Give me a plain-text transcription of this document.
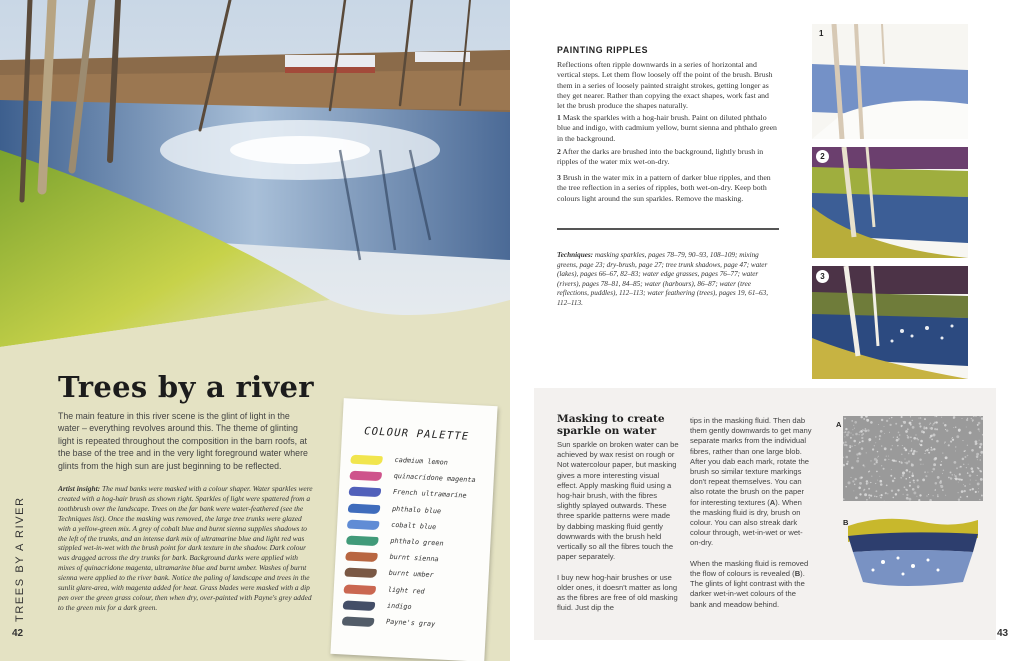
Trees by a river
The main feature in this river scene is the glint of light in the water – everything revolves around this. The theme of glinting light is repeated throughout the composition in the barn roofs, at the base of the tree and in the very light foreground water where glints from the high sun are just beginning to be reflected.
Artist insight: The mud banks were masked with a colour shaper. Water sparkles were created with a hog-hair brush as shown right. Sparkles of light were spattered from a toothbrush over the landscape. Trees on the far bank were water-feathered (see the Techniques list). Once the masking was removed, the large tree trunks were glazed with a yellow-green mix. A grey of cobalt blue and burnt sienna supplies shadows to the left of the trunks, and an intense dark mix of ultramarine blue and light red was stippled wet-in-wet with the brush point for dark texture in the shadow. Dark colour was dragged across the dry trunks for bark. Background darks were applied with mixes of quinacridone magenta, ultramarine blue and burnt umber. Washes of burnt sienna were applied to the river bank. Notice the paling of landscape and trees in the sunlit glare-area, with magenta added for heat. Grass blades were masked with a dip pen over the green grass colour, then when dry, over-painted with Payne's grey added to the green mix for a dark green.
TREES BY A RIVER
42
COLOUR PALETTE
cadmium lemon
quinacridone magenta
French ultramarine
phthalo blue
cobalt blue
phthalo green
burnt sienna
burnt umber
light red
indigo
Payne's gray
PAINTING RIPPLES
Reflections often ripple downwards in a series of horizontal and vertical steps. Let them flow loosely off the point of the brush. Brush them in a series of loosely painted straight strokes, getting longer as they get nearer. Rather than copying the exact shapes, work fast and let the brush produce the shapes naturally.
1 Mask the sparkles with a hog-hair brush. Paint on diluted phthalo blue and indigo, with cadmium yellow, burnt sienna and phthalo green in the background.
2 After the darks are brushed into the background, lightly brush in ripples of the water mix wet-on-dry.
3 Brush in the water mix in a pattern of darker blue ripples, and then the tree reflection in a series of ripples, both wet-on-dry. Keep both colours light around the sun sparkles. Remove the masking.
Techniques: masking sparkles, pages 78–79, 90–93, 108–109; mixing greens, page 23; dry-brush, page 27; tree trunk shadows, page 47; water (lakes), pages 66–67, 82–83; water edge grasses, pages 76–77; water (rivers), pages 78–81, 84–85; water (harbours), 86–87; water (tree reflections, puddles), 112–113; water feathering (trees), pages 19, 61–63, 112–113.
1
2
3
Masking to create sparkle on water
Sun sparkle on broken water can be achieved by wax resist on rough or Not watercolour paper, but masking gives a more interesting visual effect. Apply masking fluid using a hog-hair brush, with the fibres slightly splayed outwards. These three sparkle patterns were made by dabbing masking fluid gently downwards with the brush held vertically so all the fibres touch the paper separately.

I buy new hog-hair brushes or use older ones, it doesn't matter as long as the fibres are free of old masking fluid. Just dip the
tips in the masking fluid. Then dab them gently downwards to get many separate marks from the individual fibres, rather than one large blob. After you dab each mark, rotate the brush so similar texture markings don't repeat themselves. You can also rotate the brush on the paper for interesting textures (A). When the masking fluid is dry, brush on colour. You can also streak dark colour through, wet-in-wet or wet-on-dry.

When the masking fluid is removed the flow of colours is revealed (B). The glints of light contrast with the darker wet-in-wet colours of the bank and meadow behind.
A
B
43
